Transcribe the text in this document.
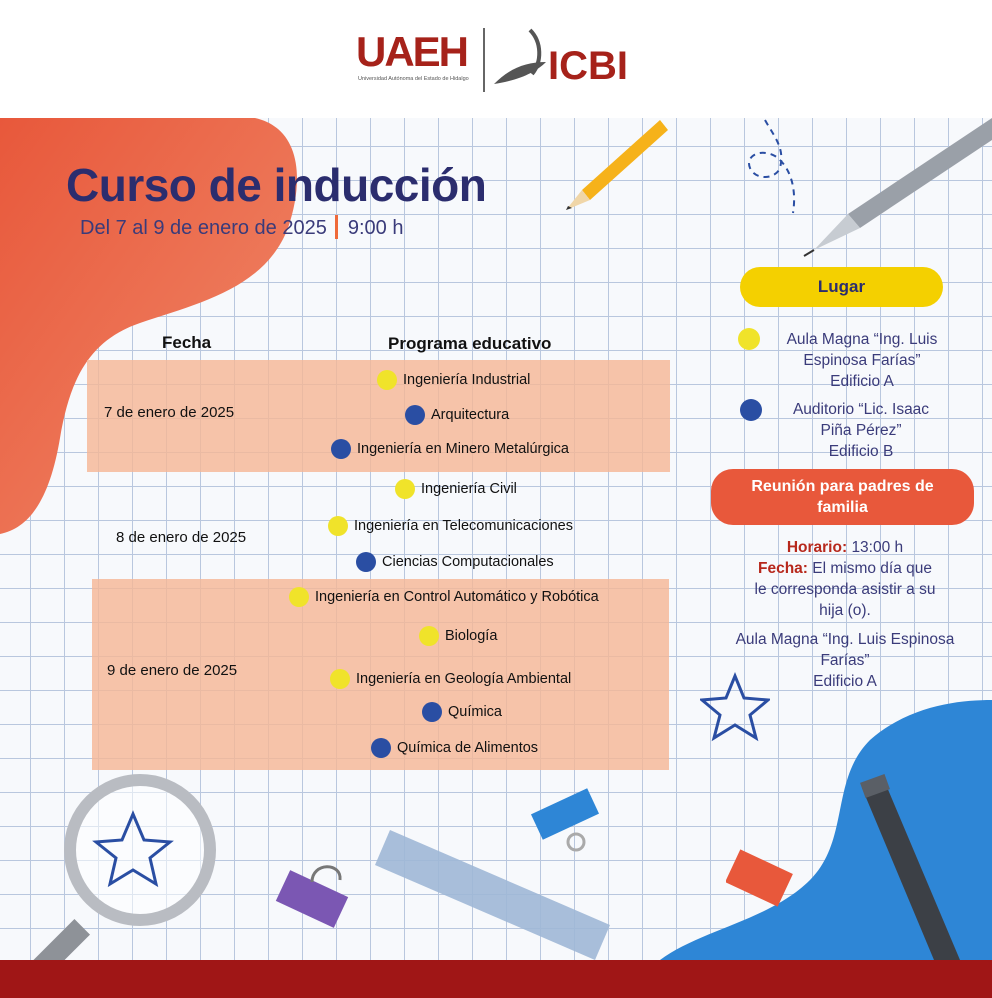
UAEH
Universidad Autónoma del Estado de Hidalgo ICBI
Curso de inducción
Del 7 al 9 de enero de 2025 9:00 h
Fecha	Programa educativo
7 de enero de 2025
8 de enero de 2025
9 de enero de 2025
Ingeniería Industrial
Arquitectura
Ingeniería en Minero Metalúrgica
Ingeniería Civil
Ingeniería en Telecomunicaciones
Ciencias Computacionales
Ingeniería en Control Automático y Robótica
Biología
Ingeniería en Geología Ambiental
Química
Química de Alimentos
Lugar
Aula Magna “Ing. Luis
Espinosa Farías”
Edificio A
Auditorio “Lic. Isaac
Piña Pérez”
Edificio B
Reunión para padres de
familia
Horario: 13:00 h
Fecha: El mismo día que
le corresponda asistir a su
hija (o).
Aula Magna “Ing. Luis Espinosa
Farías”
Edificio A
